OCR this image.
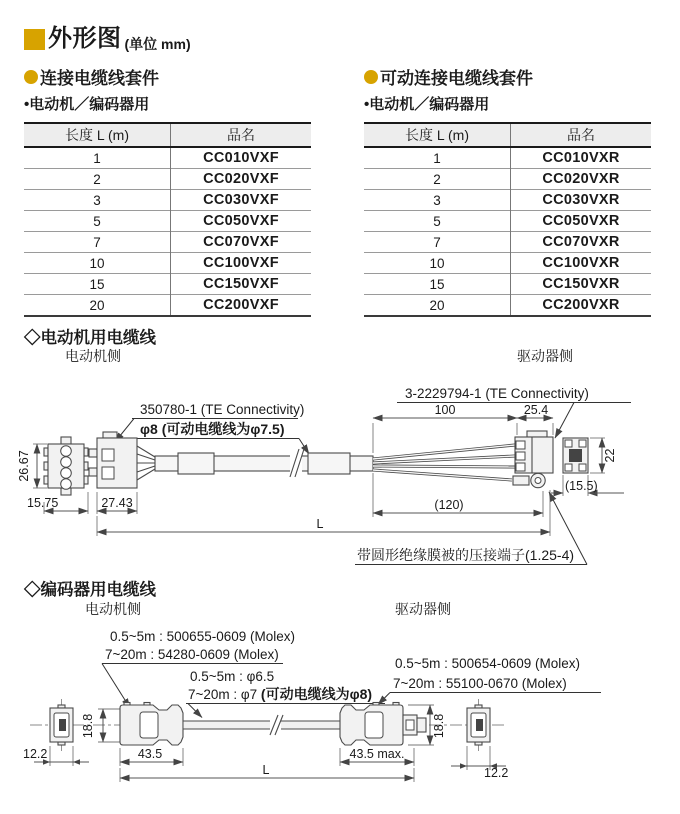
外形图 (单位 mm)
连接电缆线套件
•电动机／编码器用
长度 L (m)	品名
1	CC010VXF
2	CC020VXF
3	CC030VXF
5	CC050VXF
7	CC070VXF
10	CC100VXF
15	CC150VXF
20	CC200VXF
可动连接电缆线套件
•电动机／编码器用
长度 L (m)	品名
1	CC010VXR
2	CC020VXR
3	CC030VXR
5	CC050VXR
7	CC070VXR
10	CC100VXR
15	CC150VXR
20	CC200VXR
◇电动机用电缆线
电动机侧	驱动器侧
350780-1 (TE Connectivity)
φ8 (可动电缆线为φ7.5)
3-2229794-1 (TE Connectivity)
100	25.4
26.67
15.75	27.43
22
(15.5)
(120)
L
带圆形绝缘膜被的压接端子(1.25-4)
◇编码器用电缆线
电动机侧	驱动器侧
0.5~5m : 500655-0609 (Molex)
7~20m : 54280-0609 (Molex)
0.5~5m : φ6.5
7~20m : φ7 (可动电缆线为φ8)
0.5~5m : 500654-0609 (Molex)
7~20m : 55100-0670 (Molex)
12.2
18.8
43.5	43.5 max.
L
18.8
12.2
